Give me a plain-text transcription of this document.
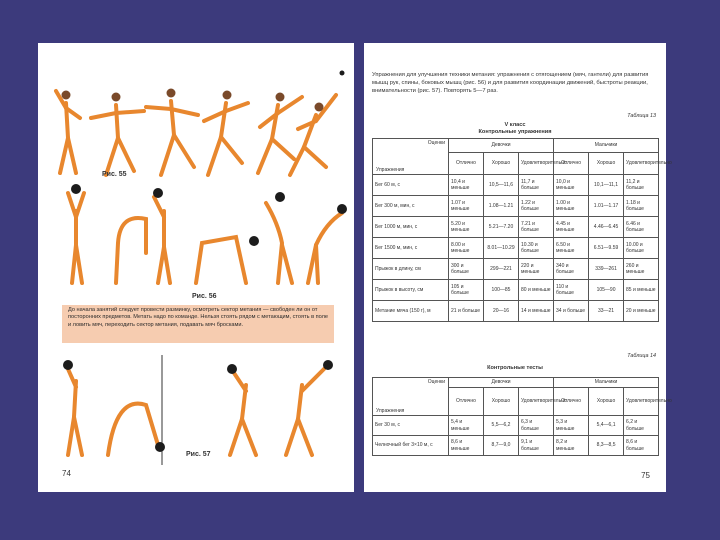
Рис. 55
Рис. 56
До начала занятий следует провести разминку, осмотреть сектор метания — свободен ли он от посторонних предметов. Метать надо по команде. Нельзя стоять рядом с метающим, стоять в поле и ловить мяч, переходить сектор метания, подавать мяч бросками.
Рис. 57
74
Упражнения для улучшения техники метания: упражнения с отягощением (мяч, гантели) для развития мышц рук, спины, боковых мышц (рис. 56) и для развития координации движений, быстроты реакции, внимательности (рис. 57). Повторять 5—7 раз.
Таблица 13
V класс
Контрольные упражнения
Оценки
Упражнения	Девочки			Мальчики		
	Отлично	Хорошо	Удовлетворительно	Отлично	Хорошо	Удовлетворительно
Бег 60 м, с	10,4 и меньше	10,5—11,6	11,7 и больше	10,0 и меньше	10,1—11,1	11,2 и больше
Бег 300 м, мин, с	1.07 и меньше	1.08—1.21	1.22 и больше	1.00 и меньше	1.01—1.17	1.18 и больше
Бег 1000 м, мин, с	5.20 и меньше	5.21—7.20	7.21 и больше	4.45 и меньше	4.46—6.45	6.46 и больше
Бег 1500 м, мин, с	8.00 и меньше	8.01—10.29	10.30 и больше	6.50 и меньше	6.51—9.59	10.00 и больше
Прыжок в длину, см	300 и больше	299—221	220 и меньше	340 и больше	339—261	260 и меньше
Прыжок в высоту, см	105 и больше	100—85	80 и меньше	110 и больше	105—90	85 и меньше
Метание мяча (150 г), м	21 и больше	20—16	14 и меньше	34 и больше	33—21	20 и меньше
Таблица 14
Контрольные тесты
Оценки
Упражнения	Девочки			Мальчики		
	Отлично	Хорошо	Удовлетворительно	Отлично	Хорошо	Удовлетворительно
Бег 30 м, с	5,4 и меньше	5,5—6,2	6,3 и больше	5,3 и меньше	5,4—6,1	6,2 и больше
Челночный бег 3×10 м, с	8,6 и меньше	8,7—9,0	9,1 и больше	8,2 и меньше	8,3—8,5	8,6 и больше
75
